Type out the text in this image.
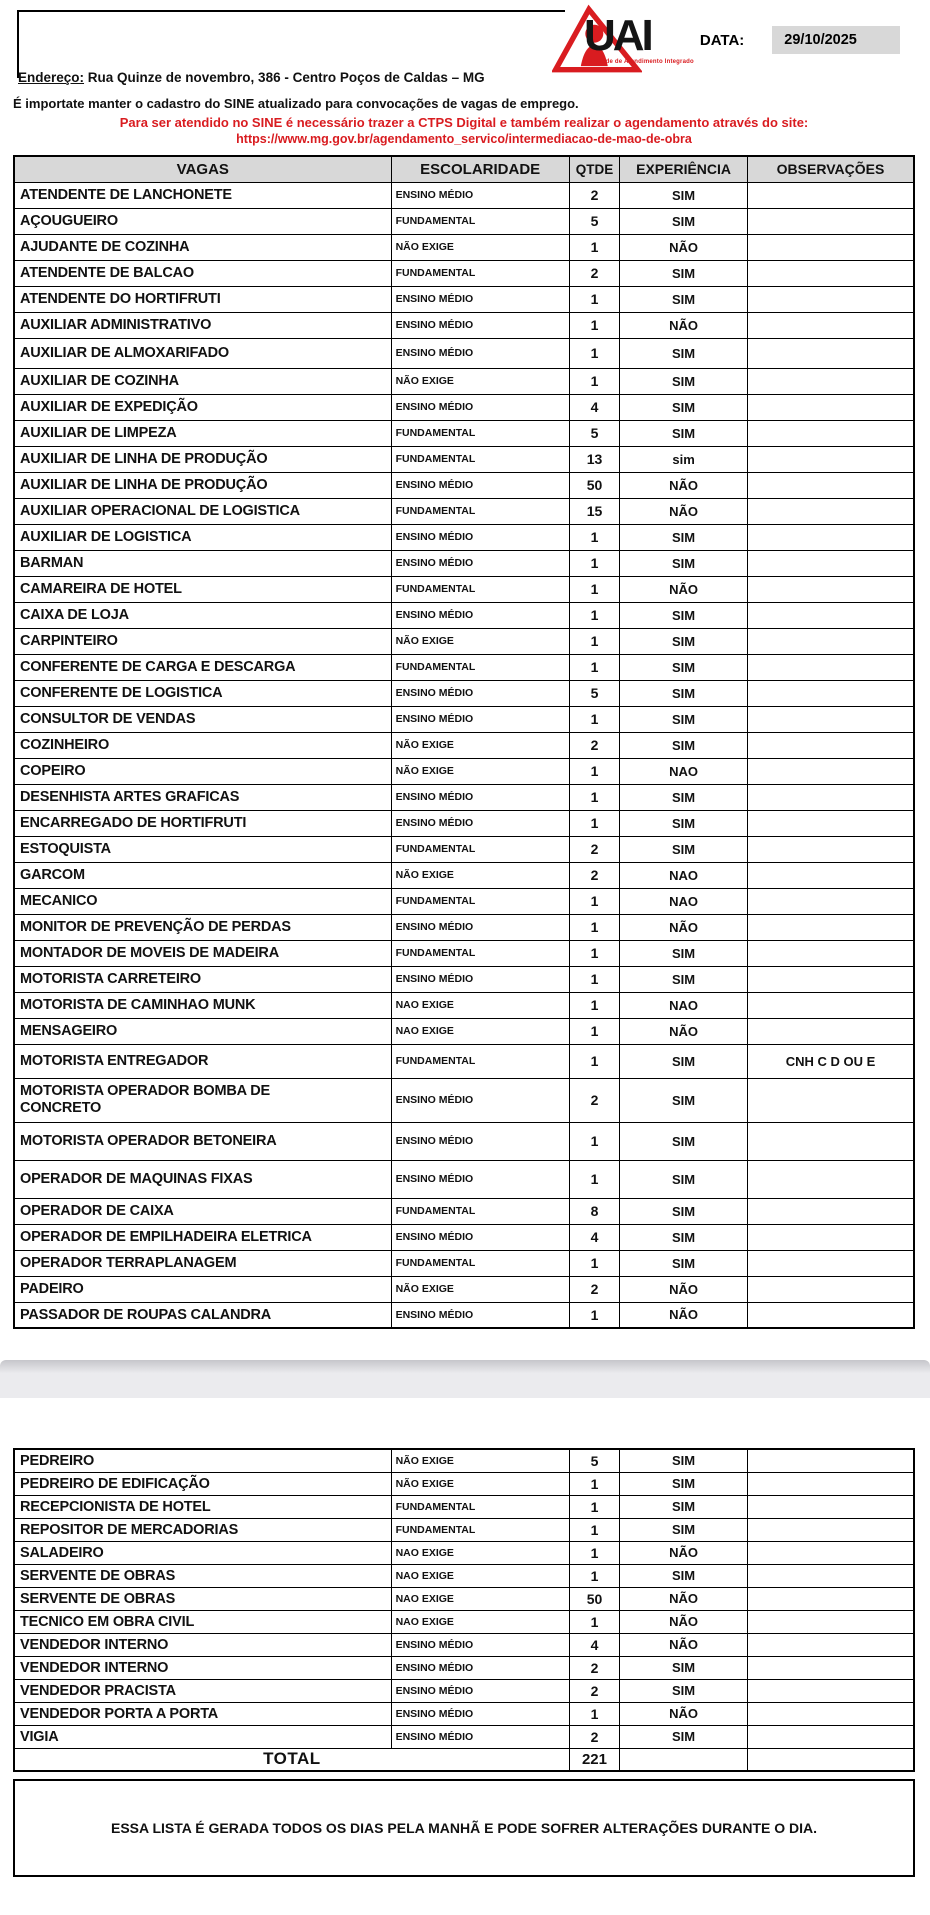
UAI
Unidade de Atendimento Integrado
DATA:	29/10/2025
Endereço: Rua Quinze de novembro, 386 - Centro Poços de Caldas – MG
É importate manter o cadastro do SINE atualizado para convocações de vagas de emprego.
Para ser atendido no SINE é necessário trazer a CTPS Digital e também realizar o agendamento através do site:
https://www.mg.gov.br/agendamento_servico/intermediacao-de-mao-de-obra
VAGAS	ESCOLARIDADE	QTDE	EXPERIÊNCIA	OBSERVAÇÕES
ATENDENTE DE LANCHONETE	ENSINO MÉDIO	2	SIM	
AÇOUGUEIRO	FUNDAMENTAL	5	SIM	
AJUDANTE DE COZINHA	NÃO EXIGE	1	NÃO	
ATENDENTE DE BALCAO	FUNDAMENTAL	2	SIM	
ATENDENTE DO HORTIFRUTI	ENSINO MÉDIO	1	SIM	
AUXILIAR ADMINISTRATIVO	ENSINO MÉDIO	1	NÃO	
AUXILIAR DE ALMOXARIFADO	ENSINO MÉDIO	1	SIM	
AUXILIAR DE COZINHA	NÃO EXIGE	1	SIM	
AUXILIAR DE EXPEDIÇÃO	ENSINO MÉDIO	4	SIM	
AUXILIAR DE LIMPEZA	FUNDAMENTAL	5	SIM	
AUXILIAR DE LINHA DE PRODUÇÃO	FUNDAMENTAL	13	sim	
AUXILIAR DE LINHA DE PRODUÇÃO	ENSINO MÉDIO	50	NÃO	
AUXILIAR OPERACIONAL DE LOGISTICA	FUNDAMENTAL	15	NÃO	
AUXILIAR DE LOGISTICA	ENSINO MÉDIO	1	SIM	
BARMAN	ENSINO MÉDIO	1	SIM	
CAMAREIRA DE HOTEL	FUNDAMENTAL	1	NÃO	
CAIXA DE LOJA	ENSINO MÉDIO	1	SIM	
CARPINTEIRO	NÃO EXIGE	1	SIM	
CONFERENTE DE CARGA E DESCARGA	FUNDAMENTAL	1	SIM	
CONFERENTE DE LOGISTICA	ENSINO MÉDIO	5	SIM	
CONSULTOR DE VENDAS	ENSINO MÉDIO	1	SIM	
COZINHEIRO	NÃO EXIGE	2	SIM	
COPEIRO	NÃO EXIGE	1	NAO	
DESENHISTA ARTES GRAFICAS	ENSINO MÉDIO	1	SIM	
ENCARREGADO DE HORTIFRUTI	ENSINO MÉDIO	1	SIM	
ESTOQUISTA	FUNDAMENTAL	2	SIM	
GARCOM	NÃO EXIGE	2	NAO	
MECANICO	FUNDAMENTAL	1	NAO	
MONITOR DE PREVENÇÃO DE PERDAS	ENSINO MÉDIO	1	NÃO	
MONTADOR DE MOVEIS DE MADEIRA	FUNDAMENTAL	1	SIM	
MOTORISTA CARRETEIRO	ENSINO MÉDIO	1	SIM	
MOTORISTA DE CAMINHAO MUNK	NAO EXIGE	1	NAO	
MENSAGEIRO	NAO EXIGE	1	NÃO	
MOTORISTA ENTREGADOR	FUNDAMENTAL	1	SIM	CNH C D OU E
MOTORISTA OPERADOR BOMBA DE CONCRETO	ENSINO MÉDIO	2	SIM	
MOTORISTA OPERADOR BETONEIRA	ENSINO MÉDIO	1	SIM	
OPERADOR DE MAQUINAS FIXAS	ENSINO MÉDIO	1	SIM	
OPERADOR DE CAIXA	FUNDAMENTAL	8	SIM	
OPERADOR DE EMPILHADEIRA ELETRICA	ENSINO MÉDIO	4	SIM	
OPERADOR TERRAPLANAGEM	FUNDAMENTAL	1	SIM	
PADEIRO	NÃO EXIGE	2	NÃO	
PASSADOR DE ROUPAS CALANDRA	ENSINO MÉDIO	1	NÃO	
PEDREIRO	NÃO EXIGE	5	SIM	
PEDREIRO DE EDIFICAÇÃO	NÃO EXIGE	1	SIM	
RECEPCIONISTA DE HOTEL	FUNDAMENTAL	1	SIM	
REPOSITOR DE MERCADORIAS	FUNDAMENTAL	1	SIM	
SALADEIRO	NAO EXIGE	1	NÃO	
SERVENTE DE OBRAS	NAO EXIGE	1	SIM	
SERVENTE DE OBRAS	NAO EXIGE	50	NÃO	
TECNICO EM OBRA CIVIL	NAO EXIGE	1	NÃO	
VENDEDOR INTERNO	ENSINO MÉDIO	4	NÃO	
VENDEDOR INTERNO	ENSINO MÉDIO	2	SIM	
VENDEDOR PRACISTA	ENSINO MÉDIO	2	SIM	
VENDEDOR PORTA A PORTA	ENSINO MÉDIO	1	NÃO	
VIGIA	ENSINO MÉDIO	2	SIM	
TOTAL		221		
ESSA LISTA É GERADA TODOS OS DIAS PELA MANHÃ E PODE SOFRER ALTERAÇÕES DURANTE O DIA.
